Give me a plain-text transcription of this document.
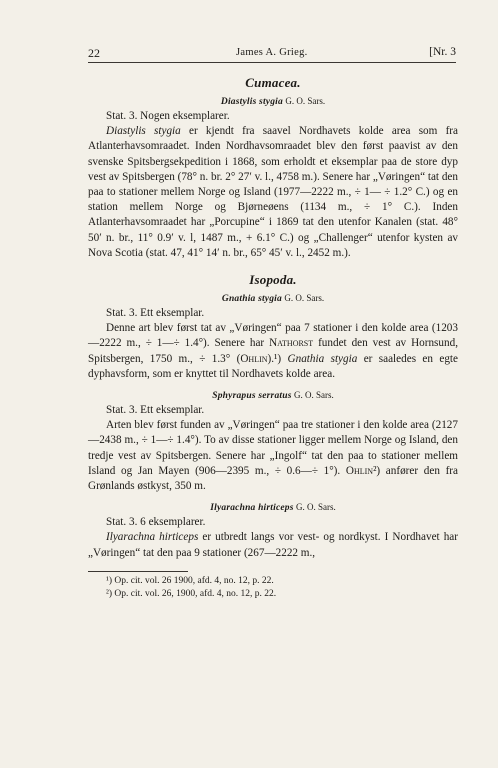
22	James A. Grieg.	[Nr. 3

Cumacea.

Diastylis stygia G. O. Sars.

Stat. 3. Nogen eksemplarer.

Diastylis stygia er kjendt fra saavel Nordhavets kolde area som fra Atlanterhavsomraadet. Inden Nordhavsomraadet blev den først paavist av den svenske Spitsbergsekpedition i 1868, som erholdt et eksemplar paa de store dyp vest av Spitsbergen (78° n. br. 2° 27′ v. l., 4758 m.). Senere har „Vøringen“ tat den paa to stationer mellem Norge og Island (1977—2222 m., ÷ 1— ÷ 1.2° C.) og en station mellem Norge og Bjørneøens (1134 m., ÷ 1° C.). Inden Atlanterhavsomraadet har „Porcupine“ i 1869 tat den utenfor Kanalen (stat. 48° 50′ n. br., 11° 0.9′ v. l, 1487 m., + 6.1° C.) og „Challenger“ utenfor kysten av Nova Scotia (stat. 47, 41° 14′ n. br., 65° 45′ v. l., 2452 m.).

Isopoda.

Gnathia stygia G. O. Sars.

Stat. 3. Ett eksemplar.

Denne art blev først tat av „Vøringen“ paa 7 stationer i den kolde area (1203—2222 m., ÷ 1—÷ 1.4°). Senere har Nathorst fundet den vest av Hornsund, Spitsbergen, 1750 m., ÷ 1.3° (Ohlin).¹) Gnathia stygia er saaledes en egte dyphavsform, som er knyttet til Nordhavets kolde area.

Sphyrapus serratus G. O. Sars.

Stat. 3. Ett eksemplar.

Arten blev først funden av „Vøringen“ paa tre stationer i den kolde area (2127—2438 m., ÷ 1—÷ 1.4°). To av disse stationer ligger mellem Norge og Island, den tredje vest av Spitsbergen. Senere har „Ingolf“ tat den paa to stationer mellem Island og Jan Mayen (906—2395 m., ÷ 0.6—÷ 1°). Ohlin²) anfører den fra Grønlands østkyst, 350 m.

Ilyarachna hirticeps G. O. Sars.

Stat. 3. 6 eksemplarer.

Ilyarachna hirticeps er utbredt langs vor vest- og nordkyst. I Nordhavet har „Vøringen“ tat den paa 9 stationer (267—2222 m.,

¹) Op. cit. vol. 26 1900, afd. 4, no. 12, p. 22.

²) Op. cit. vol. 26, 1900, afd. 4, no. 12, p. 22.
